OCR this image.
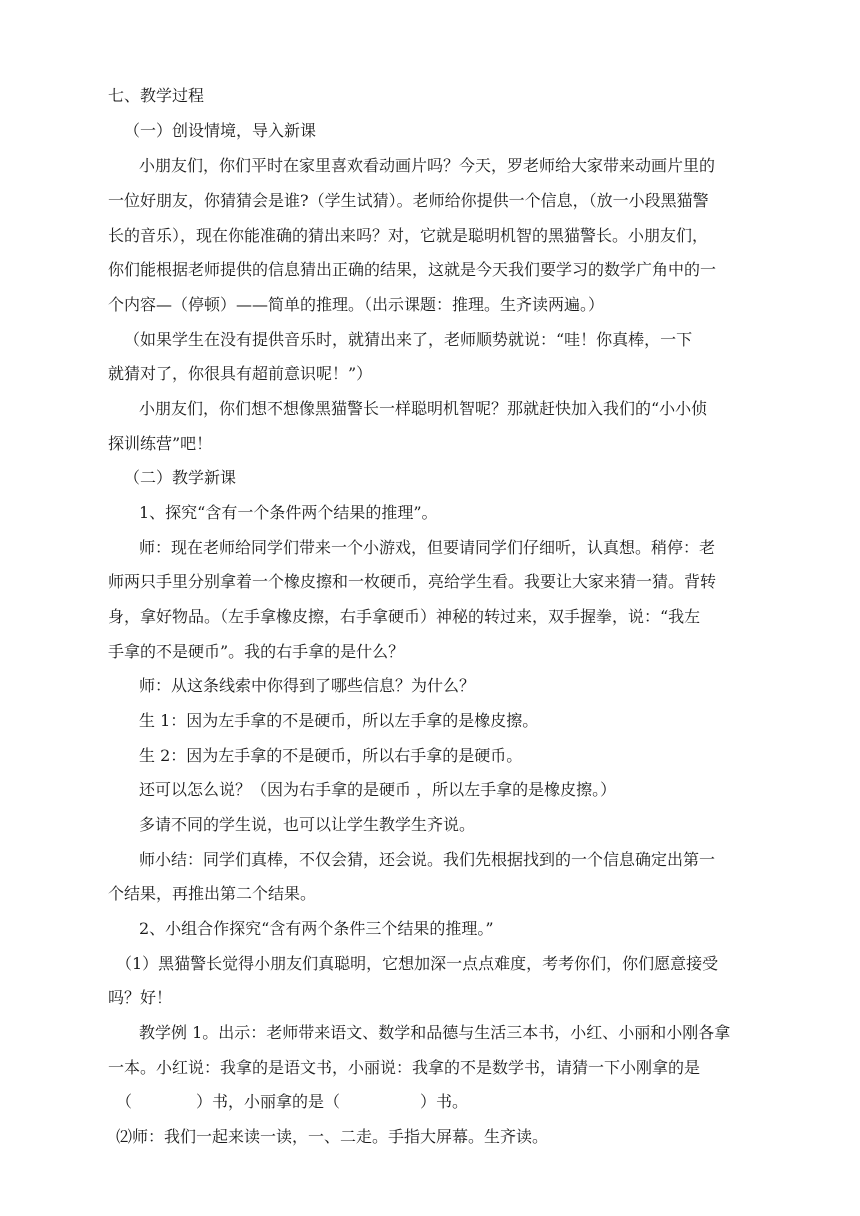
七、教学过程
（一）创设情境，导入新课
小朋友们，你们平时在家里喜欢看动画片吗？今天，罗老师给大家带来动画片里的
一位好朋友，你猜猜会是谁?（学生试猜）。老师给你提供一个信息，（放一小段黑猫警
长的音乐），现在你能准确的猜出来吗？对，它就是聪明机智的黑猫警长。小朋友们，
你们能根据老师提供的信息猜出正确的结果，这就是今天我们要学习的数学广角中的一
个内容—（停顿）——简单的推理。（出示课题：推理。生齐读两遍。）
（如果学生在没有提供音乐时，就猜出来了，老师顺势就说：“哇！你真棒，一下
就猜对了，你很具有超前意识呢！”）
小朋友们，你们想不想像黑猫警长一样聪明机智呢？那就赶快加入我们的“小小侦
探训练营”吧！
（二）教学新课
1、探究“含有一个条件两个结果的推理”。
师：现在老师给同学们带来一个小游戏，但要请同学们仔细听，认真想。稍停：老
师两只手里分别拿着一个橡皮擦和一枚硬币，亮给学生看。我要让大家来猜一猜。背转
身，拿好物品。（左手拿橡皮擦，右手拿硬币）神秘的转过来，双手握拳，说：“我左
手拿的不是硬币”。我的右手拿的是什么？
师：从这条线索中你得到了哪些信息？为什么？
生 1：因为左手拿的不是硬币，所以左手拿的是橡皮擦。
生 2：因为左手拿的不是硬币，所以右手拿的是硬币。
还可以怎么说？（因为右手拿的是硬币 ，所以左手拿的是橡皮擦。）
多请不同的学生说，也可以让学生教学生齐说。
师小结：同学们真棒，不仅会猜，还会说。我们先根据找到的一个信息确定出第一
个结果，再推出第二个结果。
2、小组合作探究“含有两个条件三个结果的推理。”
（1）黑猫警长觉得小朋友们真聪明，它想加深一点点难度，考考你们，你们愿意接受
吗？好！
教学例 1。出示：老师带来语文、数学和品德与生活三本书，小红、小丽和小刚各拿
一本。小红说：我拿的是语文书，小丽说：我拿的不是数学书，请猜一下小刚拿的是
（　　　　）书，小丽拿的是（　　　　　）书。
⑵师：我们一起来读一读，一、二走。手指大屏幕。生齐读。
